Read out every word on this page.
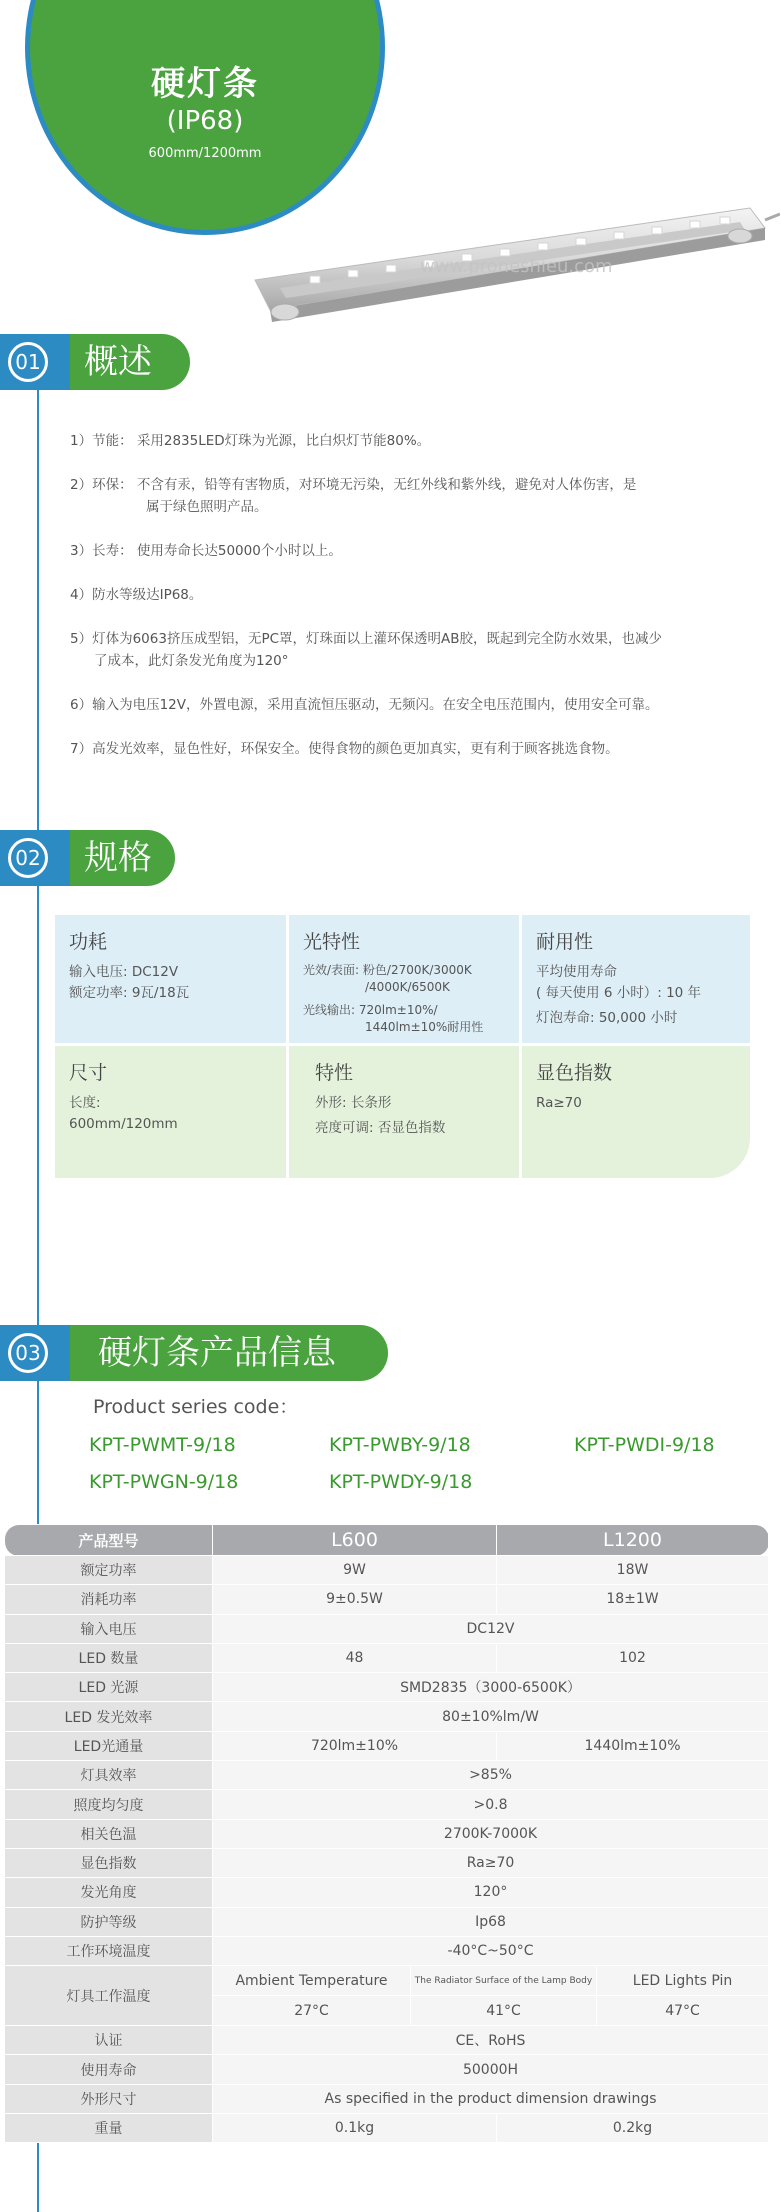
硬灯条
(IP68)
600mm/1200mm
www.proneshieu.com
01	概述
1）节能： 采用2835LED灯珠为光源，比白炽灯节能80%。
2）环保： 不含有汞，铅等有害物质，对环境无污染，无红外线和紫外线，避免对人体伤害，是
属于绿色照明产品。
3）长寿： 使用寿命长达50000个小时以上。
4）防水等级达IP68。
5）灯体为6063挤压成型铝，无PC罩，灯珠面以上灌环保透明AB胶，既起到完全防水效果，也减少
了成本，此灯条发光角度为120°
6）输入为电压12V，外置电源，采用直流恒压驱动，无频闪。在安全电压范围内，使用安全可靠。
7）高发光效率，显色性好，环保安全。使得食物的颜色更加真实，更有利于顾客挑选食物。
02	规格
功耗

输入电压: DC12V

额定功率: 9瓦/18瓦

光特性

光效/表面: 粉色/2700K/3000K

/4000K/6500K

光线输出: 720lm±10%/

1440lm±10%耐用性

耐用性

平均使用寿命

( 每天使用 6 小时）: 10 年

灯泡寿命: 50,000 小时

尺寸

长度:

600mm/120mm

特性

外形: 长条形

亮度可调: 否显色指数

显色指数

Ra≥70

03	硬灯条产品信息
Product series code：
KPT-PWMT-9/18	KPT-PWBY-9/18	KPT-PWDI-9/18
KPT-PWGN-9/18	KPT-PWDY-9/18
产品型号	L600		L1200	
额定功率	9W		18W	
消耗功率	9±0.5W		18±1W	
输入电压	DC12V			
LED 数量	48		102	
LED 光源	SMD2835（3000-6500K）			
LED 发光效率	80±10%lm/W			
LED光通量	720lm±10%		1440lm±10%	
灯具效率	>85%			
照度均匀度	>0.8			
相关色温	2700K-7000K			
显色指数	Ra≥70			
发光角度	120°			
防护等级	Ip68			
工作环境温度	-40°C~50°C			
灯具工作温度	Ambient Temperature	The Radiator Surface of the Lamp Body		LED Lights Pin
	27°C	41°C		47°C
认证	CE、RoHS			
使用寿命	50000H			
外形尺寸	As specified in the product dimension drawings			
重量	0.1kg		0.2kg	
